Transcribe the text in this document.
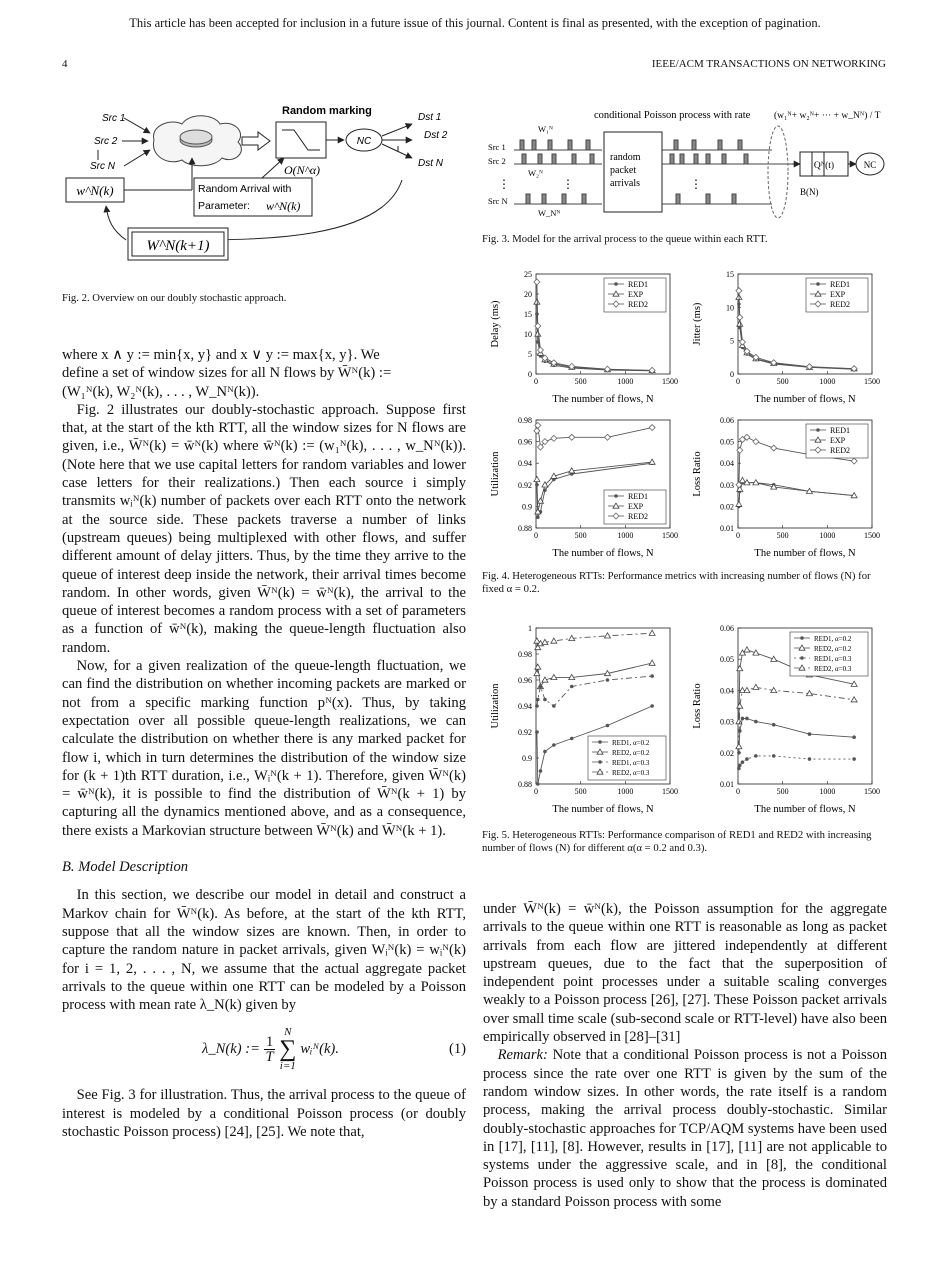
This article has been accepted for inclusion in a future issue of this journal. Content is final as presented, with the exception of pagination.
4	IEEE/ACM TRANSACTIONS ON NETWORKING
Src 1
Src 2
Src N
Random marking
NC
Dst 1
Dst 2
Dst N
O(N^α)
w^N(k)	Random Arrival with
Parameter: w^N(k)
W^N(k+1)
Fig. 2. Overview on our doubly stochastic approach.
conditional Poisson process with rate (w₁ᴺ+ w₂ᴺ+ ··· + w_Nᴺ) / T
Src 1
Src 2
Src N
W₁ᴺ
W₂ᴺ
W_Nᴺ
⋮	⋮
random
packet
arrivals	⋮
Qᴺ(t)	NC
B(N)
Fig. 3. Model for the arrival process to the queue within each RTT.
0
5
10
15
20
25
0	500	1000	1500
The number of flows, N
Delay (ms)
RED1
EXP
RED2
0
5
10
15
0	500	1000	1500
The number of flows, N
Jitter (ms)
RED1
EXP
RED2
0.88
0.9
0.92
0.94
0.96
0.98
0	500	1000	1500
The number of flows, N
Utilization
RED1
EXP
RED2
0.01
0.02
0.03
0.04
0.05
0.06
0	500	1000	1500
The number of flows, N
Loss Ratio
RED1
EXP
RED2
Fig. 4. Heterogeneous RTTs: Performance metrics with increasing number of flows (N) for fixed α = 0.2.
0.88
0.9
0.92
0.94
0.96
0.98
1
0	500	1000	1500
The number of flows, N
Utilization
RED1, α=0.2
RED2, α=0.2
RED1, α=0.3
RED2, α=0.3
0.01
0.02
0.03
0.04
0.05
0.06
0	500	1000	1500
The number of flows, N
Loss Ratio
RED1, α=0.2
RED2, α=0.2
RED1, α=0.3
RED2, α=0.3
Fig. 5. Heterogeneous RTTs: Performance comparison of RED1 and RED2 with increasing number of flows (N) for different α(α = 0.2 and 0.3).

where x ∧ y := min{x, y} and x ∨ y := max{x, y}. We

define a set of window sizes for all N flows by W̄ᴺ(k) :=

(W₁ᴺ(k), W₂ᴺ(k), . . . , W_Nᴺ(k)).

Fig. 2 illustrates our doubly-stochastic approach. Suppose first that, at the start of the kth RTT, all the window sizes for N flows are given, i.e., W̄ᴺ(k) = w̄ᴺ(k) where w̄ᴺ(k) := (w₁ᴺ(k), . . . , w_Nᴺ(k)). (Note here that we use capital letters for random variables and lower case letters for their realizations.) Then each source i simply transmits wᵢᴺ(k) number of packets over each RTT onto the network at the source side. These packets traverse a number of links (upstream queues) being multiplexed with other flows, and suffer different amount of delay jitters. Thus, by the time they arrive to the queue of interest deep inside the network, their arrival times become random. In other words, given W̄ᴺ(k) = w̄ᴺ(k), the arrival to the queue of interest becomes a random process with a set of parameters as a function of w̄ᴺ(k), making the queue-length fluctuation also random.

Now, for a given realization of the queue-length fluctuation, we can find the distribution on whether incoming packets are marked or not from a specific marking function pᴺ(x). Thus, by taking expectation over all possible queue-length realizations, we can calculate the distribution on whether there is any marked packet for flow i, which in turn determines the distribution of the window size for (k + 1)th RTT duration, i.e., Wᵢᴺ(k + 1). Therefore, given W̄ᴺ(k) = w̄ᴺ(k), it is possible to find the distribution of W̄ᴺ(k + 1) by capturing all the dynamics mentioned above, and as a consequence, there exists a Markovian structure between W̄ᴺ(k) and W̄ᴺ(k + 1).

B. Model Description

In this section, we describe our model in detail and construct a Markov chain for W̄ᴺ(k). As before, at the start of the kth RTT, suppose that all the window sizes are known. Then, in order to capture the random nature in packet arrivals, given Wᵢᴺ(k) = wᵢᴺ(k) for i = 1, 2, . . . , N, we assume that the actual aggregate packet arrivals to the queue within one RTT can be modeled by a Poisson process with mean rate λ_N(k) given by

λ_N(k) := $\frac{1}{T}$
N
∑
i=1
wᵢᴺ(k).	(1)

See Fig. 3 for illustration. Thus, the arrival process to the queue of interest is modeled by a conditional Poisson process (or doubly stochastic Poisson process) [24], [25]. We note that,

under W̄ᴺ(k) = w̄ᴺ(k), the Poisson assumption for the aggregate arrivals to the queue within one RTT is reasonable as long as packet arrivals from each flow are jittered independently at different upstream queues, due to the fact that the superposition of independent point processes under a suitable scaling converges weakly to a Poisson process [26], [27]. These Poisson packet arrivals over small time scale (sub-second scale or RTT-level) have also been empirically observed in [28]–[31]

Remark: Note that a conditional Poisson process is not a Poisson process since the rate over one RTT is given by the sum of the random window sizes. In other words, the rate itself is a random process, making the arrival process doubly-stochastic. Similar doubly-stochastic approaches for TCP/AQM systems have been used in [17], [11], [8]. However, results in [17], [11] are not applicable to systems under the aggressive scale, and in [8], the conditional Poisson process is used only to show that the process is dominated by a standard Poisson process with some
